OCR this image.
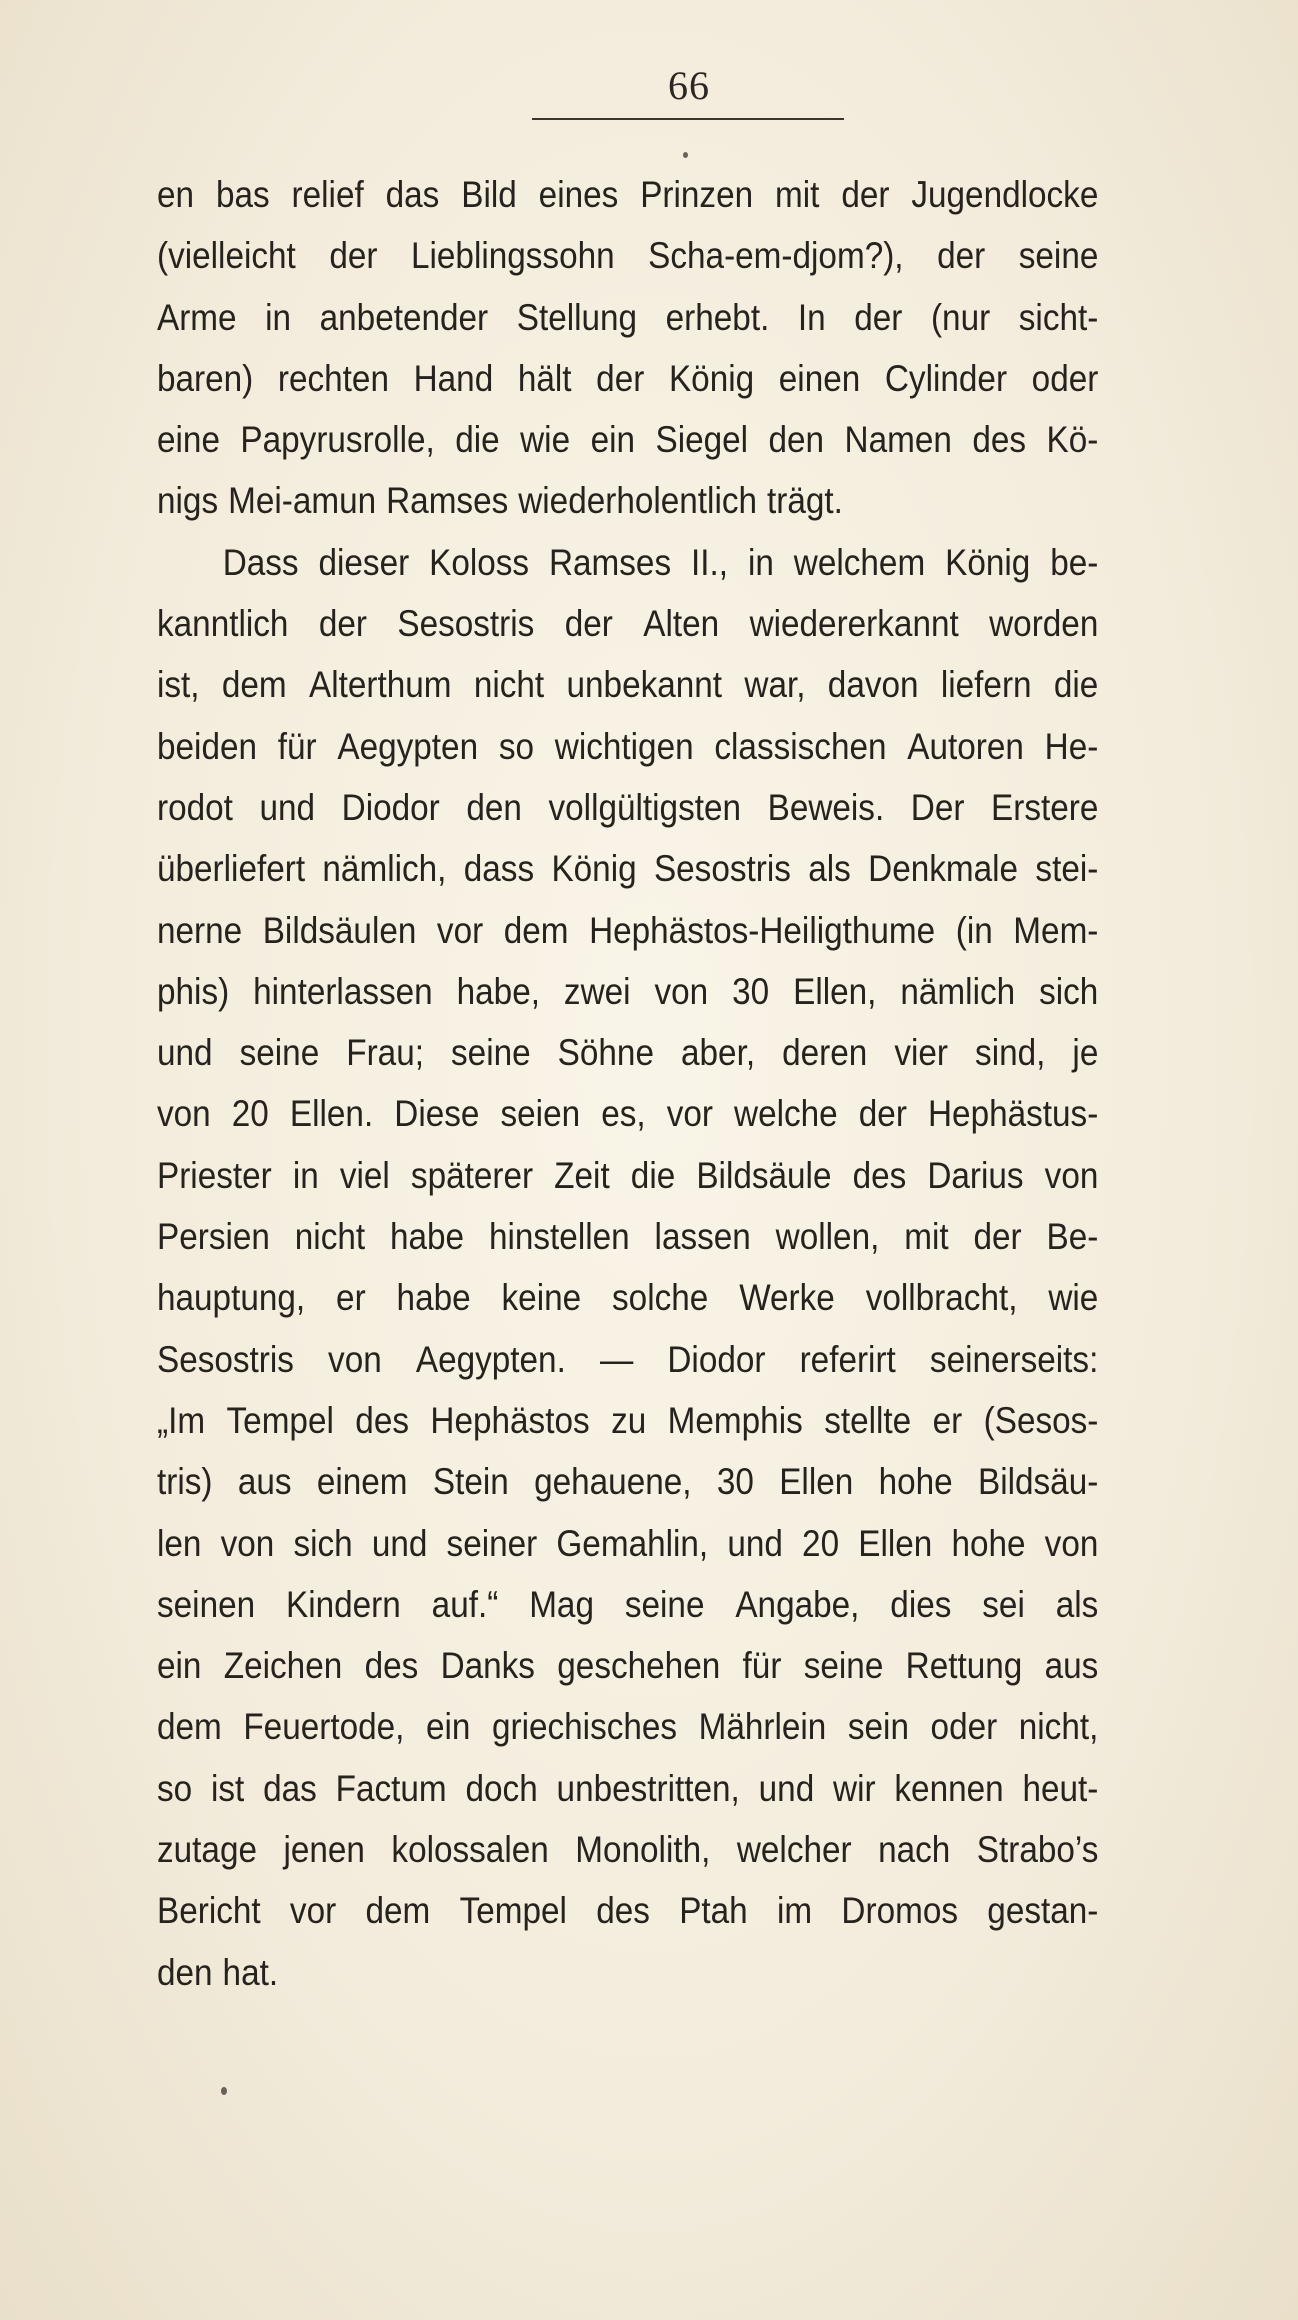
66
en bas relief das Bild eines Prinzen mit der Jugendlocke
(vielleicht der Lieblingssohn Scha-em-djom?), der seine
Arme in anbetender Stellung erhebt. In der (nur sicht-
baren) rechten Hand hält der König einen Cylinder oder
eine Papyrusrolle, die wie ein Siegel den Namen des Kö-
nigs Mei-amun Ramses wiederholentlich trägt.
Dass dieser Koloss Ramses II., in welchem König be-
kanntlich der Sesostris der Alten wiedererkannt worden
ist, dem Alterthum nicht unbekannt war, davon liefern die
beiden für Aegypten so wichtigen classischen Autoren He-
rodot und Diodor den vollgültigsten Beweis. Der Erstere
überliefert nämlich, dass König Sesostris als Denkmale stei-
nerne Bildsäulen vor dem Hephästos-Heiligthume (in Mem-
phis) hinterlassen habe, zwei von 30 Ellen, nämlich sich
und seine Frau; seine Söhne aber, deren vier sind, je
von 20 Ellen. Diese seien es, vor welche der Hephästus-
Priester in viel späterer Zeit die Bildsäule des Darius von
Persien nicht habe hinstellen lassen wollen, mit der Be-
hauptung, er habe keine solche Werke vollbracht, wie
Sesostris von Aegypten. — Diodor referirt seinerseits:
„Im Tempel des Hephästos zu Memphis stellte er (Sesos-
tris) aus einem Stein gehauene, 30 Ellen hohe Bildsäu-
len von sich und seiner Gemahlin, und 20 Ellen hohe von
seinen Kindern auf.“ Mag seine Angabe, dies sei als
ein Zeichen des Danks geschehen für seine Rettung aus
dem Feuertode, ein griechisches Mährlein sein oder nicht,
so ist das Factum doch unbestritten, und wir kennen heut-
zutage jenen kolossalen Monolith, welcher nach Strabo’s
Bericht vor dem Tempel des Ptah im Dromos gestan-
den hat.
